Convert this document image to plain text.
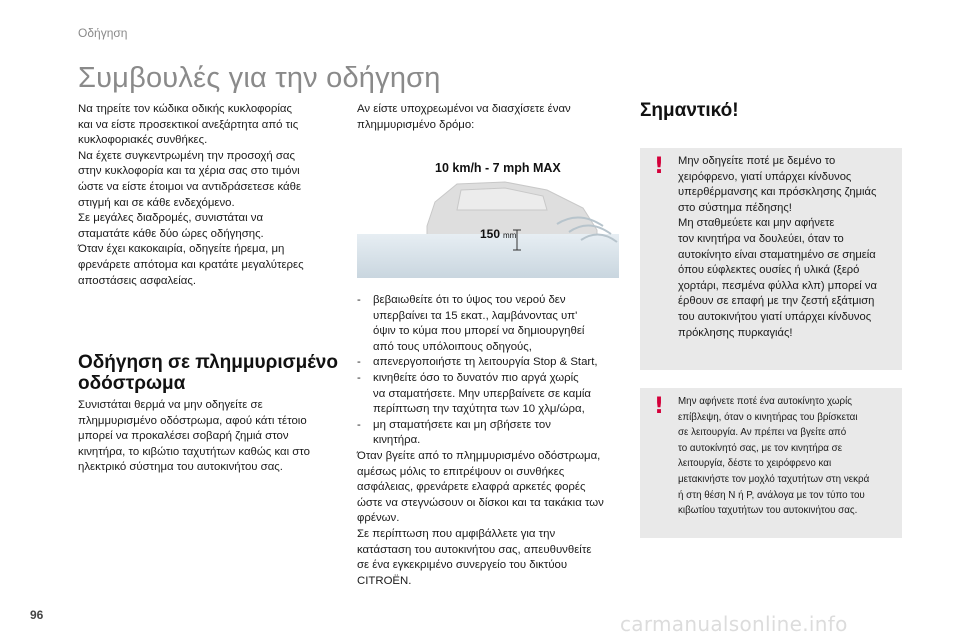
Οδήγηση
Συμβουλές για την οδήγηση

Να τηρείτε τον κώδικα οδικής κυκλοφορίας

και να είστε προσεκτικοί ανεξάρτητα από τις

κυκλοφοριακές συνθήκες.

Να έχετε συγκεντρωμένη την προσοχή σας

στην κυκλοφορία και τα χέρια σας στο τιμόνι

ώστε να είστε έτοιμοι να αντιδράσετεσε κάθε

στιγμή και σε κάθε ενδεχόμενο.

Σε μεγάλες διαδρομές, συνιστάται να

σταματάτε κάθε δύο ώρες οδήγησης.

Όταν έχει κακοκαιρία, οδηγείτε ήρεμα, μη

φρενάρετε απότομα και κρατάτε μεγαλύτερες

αποστάσεις ασφαλείας.

Οδήγηση σε πλημμυρισμένο οδόστρωμα

Συνιστάται θερμά να μην οδηγείτε σε

πλημμυρισμένο οδόστρωμα, αφού κάτι τέτοιο

μπορεί να προκαλέσει σοβαρή ζημιά στον

κινητήρα, το κιβώτιο ταχυτήτων καθώς και στο

ηλεκτρικό σύστημα του αυτοκινήτου σας.

Αν είστε υποχρεωμένοι να διασχίσετε έναν

πλημμυρισμένο δρόμο:

10 km/h - 7 mph MAX
150 mm
-	βεβαιωθείτε ότι το ύψος του νερού δεν

υπερβαίνει τα 15 εκατ., λαμβάνοντας υπ'

όψιν το κύμα που μπορεί να δημιουργηθεί

από τους υπόλοιπους οδηγούς,

-	απενεργοποιήστε τη λειτουργία Stop & Start,

-	κινηθείτε όσο το δυνατόν πιο αργά χωρίς

να σταματήσετε. Μην υπερβαίνετε σε καμία

περίπτωση την ταχύτητα των 10 χλμ/ώρα,

-	μη σταματήσετε και μη σβήσετε τον

κινητήρα.

Όταν βγείτε από το πλημμυρισμένο οδόστρωμα,

αμέσως μόλις το επιτρέψουν οι συνθήκες

ασφάλειας, φρενάρετε ελαφρά αρκετές φορές

ώστε να στεγνώσουν οι δίσκοι και τα τακάκια των

φρένων.

Σε περίπτωση που αμφιβάλλετε για την

κατάσταση του αυτοκινήτου σας, απευθυνθείτε

σε ένα εγκεκριμένο συνεργείο του δικτύου

CITROËN.

Σημαντικό!
! Μην οδηγείτε ποτέ με δεμένο το

χειρόφρενο, γιατί υπάρχει κίνδυνος

υπερθέρμανσης και πρόσκλησης ζημιάς

στο σύστημα πέδησης!

Μη σταθμεύετε και μην αφήνετε

τον κινητήρα να δουλεύει, όταν το

αυτοκίνητο είναι σταματημένο σε σημεία

όπου εύφλεκτες ουσίες ή υλικά (ξερό

χορτάρι, πεσμένα φύλλα κλπ) μπορεί να

έρθουν σε επαφή με την ζεστή εξάτμιση

του αυτοκινήτου γιατί υπάρχει κίνδυνος

πρόκλησης πυρκαγιάς!

! Μην αφήνετε ποτέ ένα αυτοκίνητο χωρίς

επίβλεψη, όταν ο κινητήρας του βρίσκεται

σε λειτουργία. Αν πρέπει να βγείτε από

το αυτοκίνητό σας, με τον κινητήρα σε

λειτουργία, δέστε το χειρόφρενο και

μετακινήστε τον μοχλό ταχυτήτων στη νεκρά

ή στη θέση N ή P, ανάλογα με τον τύπο του

κιβωτίου ταχυτήτων του αυτοκινήτου σας.

96	carmanualsonline.info
